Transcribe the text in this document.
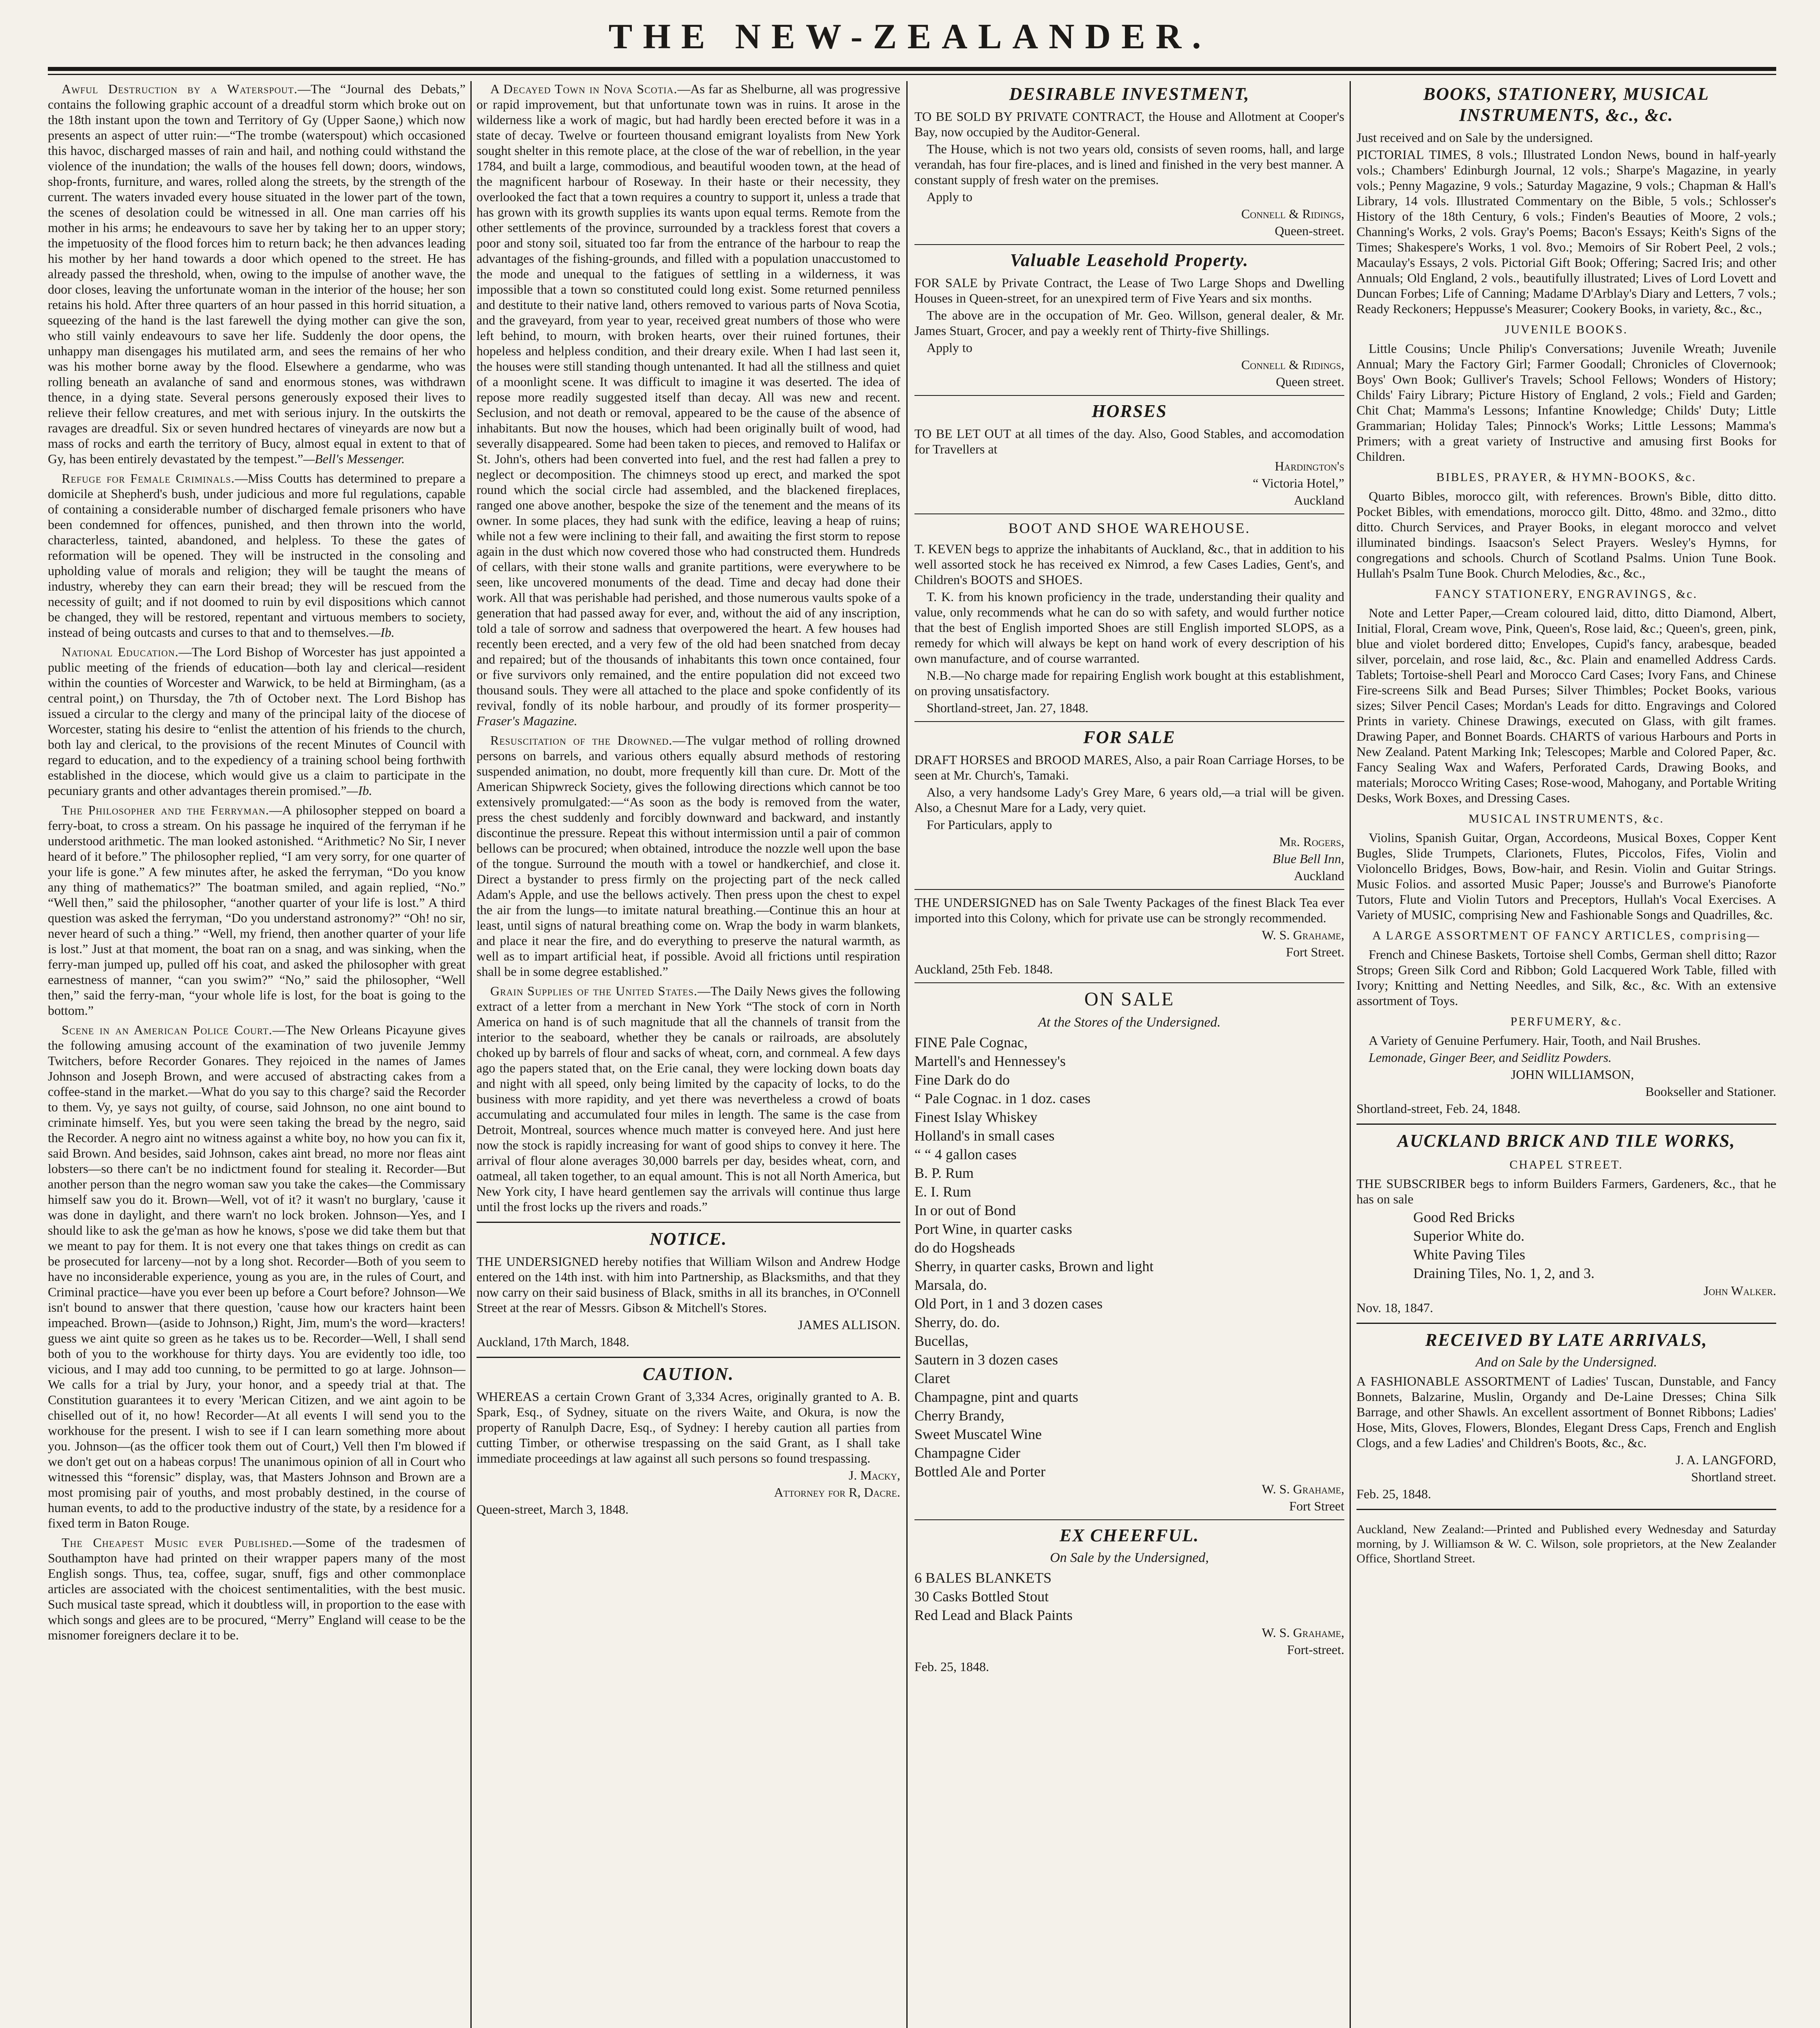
THE NEW-ZEALANDER.

Awful Destruction by a Waterspout.—The “Journal des Debats,” contains the following graphic account of a dreadful storm which broke out on the 18th instant upon the town and Territory of Gy (Upper Saone,) which now presents an aspect of utter ruin:—“The trombe (waterspout) which occasioned this havoc, discharged masses of rain and hail, and nothing could withstand the violence of the inundation; the walls of the houses fell down; doors, windows, shop-fronts, furniture, and wares, rolled along the streets, by the strength of the current. The waters invaded every house situated in the lower part of the town, the scenes of desolation could be witnessed in all. One man carries off his mother in his arms; he endeavours to save her by taking her to an upper story; the impetuosity of the flood forces him to return back; he then advances leading his mother by her hand towards a door which opened to the street. He has already passed the threshold, when, owing to the impulse of another wave, the door closes, leaving the unfortunate woman in the interior of the house; her son retains his hold. After three quarters of an hour passed in this horrid situation, a squeezing of the hand is the last farewell the dying mother can give the son, who still vainly endeavours to save her life. Suddenly the door opens, the unhappy man disengages his mutilated arm, and sees the remains of her who was his mother borne away by the flood. Elsewhere a gendarme, who was rolling beneath an avalanche of sand and enormous stones, was withdrawn thence, in a dying state. Several persons generously exposed their lives to relieve their fellow creatures, and met with serious injury. In the outskirts the ravages are dreadful. Six or seven hundred hectares of vineyards are now but a mass of rocks and earth the territory of Bucy, almost equal in extent to that of Gy, has been entirely devastated by the tempest.”—Bell's Messenger.

Refuge for Female Criminals.—Miss Coutts has determined to prepare a domicile at Shepherd's bush, under judicious and more ful regulations, capable of containing a considerable number of discharged female prisoners who have been condemned for offences, punished, and then thrown into the world, characterless, tainted, abandoned, and helpless. To these the gates of reformation will be opened. They will be instructed in the consoling and upholding value of morals and religion; they will be taught the means of industry, whereby they can earn their bread; they will be rescued from the necessity of guilt; and if not doomed to ruin by evil dispositions which cannot be changed, they will be restored, repentant and virtuous members to society, instead of being outcasts and curses to that and to themselves.—Ib.

National Education.—The Lord Bishop of Worcester has just appointed a public meeting of the friends of education—both lay and clerical—resident within the counties of Worcester and Warwick, to be held at Birmingham, (as a central point,) on Thursday, the 7th of October next. The Lord Bishop has issued a circular to the clergy and many of the principal laity of the diocese of Worcester, stating his desire to “enlist the attention of his friends to the church, both lay and clerical, to the provisions of the recent Minutes of Council with regard to education, and to the expediency of a training school being forthwith established in the diocese, which would give us a claim to participate in the pecuniary grants and other advantages therein promised.”—Ib.

The Philosopher and the Ferryman.—A philosopher stepped on board a ferry-boat, to cross a stream. On his passage he inquired of the ferryman if he understood arithmetic. The man looked astonished. “Arithmetic? No Sir, I never heard of it before.” The philosopher replied, “I am very sorry, for one quarter of your life is gone.” A few minutes after, he asked the ferryman, “Do you know any thing of mathematics?” The boatman smiled, and again replied, “No.” “Well then,” said the philosopher, “another quarter of your life is lost.” A third question was asked the ferryman, “Do you understand astronomy?” “Oh! no sir, never heard of such a thing.” “Well, my friend, then another quarter of your life is lost.” Just at that moment, the boat ran on a snag, and was sinking, when the ferry-man jumped up, pulled off his coat, and asked the philosopher with great earnestness of manner, “can you swim?” “No,” said the philosopher, “Well then,” said the ferry-man, “your whole life is lost, for the boat is going to the bottom.”

Scene in an American Police Court.—The New Orleans Picayune gives the following amusing account of the examination of two juvenile Jemmy Twitchers, before Recorder Gonares. They rejoiced in the names of James Johnson and Joseph Brown, and were accused of abstracting cakes from a coffee-stand in the market.—What do you say to this charge? said the Recorder to them. Vy, ye says not guilty, of course, said Johnson, no one aint bound to criminate himself. Yes, but you were seen taking the bread by the negro, said the Recorder. A negro aint no witness against a white boy, no how you can fix it, said Brown. And besides, said Johnson, cakes aint bread, no more nor fleas aint lobsters—so there can't be no indictment found for stealing it. Recorder—But another person than the negro woman saw you take the cakes—the Commissary himself saw you do it. Brown—Well, vot of it? it wasn't no burglary, 'cause it was done in daylight, and there warn't no lock broken. Johnson—Yes, and I should like to ask the ge'man as how he knows, s'pose we did take them but that we meant to pay for them. It is not every one that takes things on credit as can be prosecuted for larceny—not by a long shot. Recorder—Both of you seem to have no inconsiderable experience, young as you are, in the rules of Court, and Criminal practice—have you ever been up before a Court before? Johnson—We isn't bound to answer that there question, 'cause how our kracters haint been impeached. Brown—(aside to Johnson,) Right, Jim, mum's the word—kracters! guess we aint quite so green as he takes us to be. Recorder—Well, I shall send both of you to the workhouse for thirty days. You are evidently too idle, too vicious, and I may add too cunning, to be permitted to go at large. Johnson—We calls for a trial by Jury, your honor, and a speedy trial at that. The Constitution guarantees it to every 'Merican Citizen, and we aint agoin to be chiselled out of it, no how! Recorder—At all events I will send you to the workhouse for the present. I wish to see if I can learn something more about you. Johnson—(as the officer took them out of Court,) Vell then I'm blowed if we don't get out on a habeas corpus! The unanimous opinion of all in Court who witnessed this “forensic” display, was, that Masters Johnson and Brown are a most promising pair of youths, and most probably destined, in the course of human events, to add to the productive industry of the state, by a residence for a fixed term in Baton Rouge.

The Cheapest Music ever Published.—Some of the tradesmen of Southampton have had printed on their wrapper papers many of the most English songs. Thus, tea, coffee, sugar, snuff, figs and other commonplace articles are associated with the choicest sentimentalities, with the best music. Such musical taste spread, which it doubtless will, in proportion to the ease with which songs and glees are to be procured, “Merry” England will cease to be the misnomer foreigners declare it to be.

A Decayed Town in Nova Scotia.—As far as Shelburne, all was progressive or rapid improvement, but that unfortunate town was in ruins. It arose in the wilderness like a work of magic, but had hardly been erected before it was in a state of decay. Twelve or fourteen thousand emigrant loyalists from New York sought shelter in this remote place, at the close of the war of rebellion, in the year 1784, and built a large, commodious, and beautiful wooden town, at the head of the magnificent harbour of Roseway. In their haste or their necessity, they overlooked the fact that a town requires a country to support it, unless a trade that has grown with its growth supplies its wants upon equal terms. Remote from the other settlements of the province, surrounded by a trackless forest that covers a poor and stony soil, situated too far from the entrance of the harbour to reap the advantages of the fishing-grounds, and filled with a population unaccustomed to the mode and unequal to the fatigues of settling in a wilderness, it was impossible that a town so constituted could long exist. Some returned penniless and destitute to their native land, others removed to various parts of Nova Scotia, and the graveyard, from year to year, received great numbers of those who were left behind, to mourn, with broken hearts, over their ruined fortunes, their hopeless and helpless condition, and their dreary exile. When I had last seen it, the houses were still standing though untenanted. It had all the stillness and quiet of a moonlight scene. It was difficult to imagine it was deserted. The idea of repose more readily suggested itself than decay. All was new and recent. Seclusion, and not death or removal, appeared to be the cause of the absence of inhabitants. But now the houses, which had been originally built of wood, had severally disappeared. Some had been taken to pieces, and removed to Halifax or St. John's, others had been converted into fuel, and the rest had fallen a prey to neglect or decomposition. The chimneys stood up erect, and marked the spot round which the social circle had assembled, and the blackened fireplaces, ranged one above another, bespoke the size of the tenement and the means of its owner. In some places, they had sunk with the edifice, leaving a heap of ruins; while not a few were inclining to their fall, and awaiting the first storm to repose again in the dust which now covered those who had constructed them. Hundreds of cellars, with their stone walls and granite partitions, were everywhere to be seen, like uncovered monuments of the dead. Time and decay had done their work. All that was perishable had perished, and those numerous vaults spoke of a generation that had passed away for ever, and, without the aid of any inscription, told a tale of sorrow and sadness that overpowered the heart. A few houses had recently been erected, and a very few of the old had been snatched from decay and repaired; but of the thousands of inhabitants this town once contained, four or five survivors only remained, and the entire population did not exceed two thousand souls. They were all attached to the place and spoke confidently of its revival, fondly of its noble harbour, and proudly of its former prosperity—Fraser's Magazine.

Resuscitation of the Drowned.—The vulgar method of rolling drowned persons on barrels, and various others equally absurd methods of restoring suspended animation, no doubt, more frequently kill than cure. Dr. Mott of the American Shipwreck Society, gives the following directions which cannot be too extensively promulgated:—“As soon as the body is removed from the water, press the chest suddenly and forcibly downward and backward, and instantly discontinue the pressure. Repeat this without intermission until a pair of common bellows can be procured; when obtained, introduce the nozzle well upon the base of the tongue. Surround the mouth with a towel or handkerchief, and close it. Direct a bystander to press firmly on the projecting part of the neck called Adam's Apple, and use the bellows actively. Then press upon the chest to expel the air from the lungs—to imitate natural breathing.—Continue this an hour at least, until signs of natural breathing come on. Wrap the body in warm blankets, and place it near the fire, and do everything to preserve the natural warmth, as well as to impart artificial heat, if possible. Avoid all frictions until respiration shall be in some degree established.”

Grain Supplies of the United States.—The Daily News gives the following extract of a letter from a merchant in New York “The stock of corn in North America on hand is of such magnitude that all the channels of transit from the interior to the seaboard, whether they be canals or railroads, are absolutely choked up by barrels of flour and sacks of wheat, corn, and cornmeal. A few days ago the papers stated that, on the Erie canal, they were locking down boats day and night with all speed, only being limited by the capacity of locks, to do the business with more rapidity, and yet there was nevertheless a crowd of boats accumulating and accumulated four miles in length. The same is the case from Detroit, Montreal, sources whence much matter is conveyed here. And just here now the stock is rapidly increasing for want of good ships to convey it here. The arrival of flour alone averages 30,000 barrels per day, besides wheat, corn, and oatmeal, all taken together, to an equal amount. This is not all North America, but New York city, I have heard gentlemen say the arrivals will continue thus large until the frost locks up the rivers and roads.”

NOTICE.

THE UNDERSIGNED hereby notifies that William Wilson and Andrew Hodge entered on the 14th inst. with him into Partnership, as Blacksmiths, and that they now carry on their said business of Black, smiths in all its branches, in O'Connell Street at the rear of Messrs. Gibson & Mitchell's Stores.

JAMES ALLISON.

Auckland, 17th March, 1848.

CAUTION.

WHEREAS a certain Crown Grant of 3,334 Acres, originally granted to A. B. Spark, Esq., of Sydney, situate on the rivers Waite, and Okura, is now the property of Ranulph Dacre, Esq., of Sydney: I hereby caution all parties from cutting Timber, or otherwise trespassing on the said Grant, as I shall take immediate proceedings at law against all such persons so found trespassing.

J. Macky,

Attorney for R, Dacre.

Queen-street, March 3, 1848.

DESIRABLE INVESTMENT,

TO BE SOLD BY PRIVATE CONTRACT, the House and Allotment at Cooper's Bay, now occupied by the Auditor-General.

The House, which is not two years old, consists of seven rooms, hall, and large verandah, has four fire-places, and is lined and finished in the very best manner. A constant supply of fresh water on the premises.

Apply to

Connell & Ridings,

Queen-street.

Valuable Leasehold Property.

FOR SALE by Private Contract, the Lease of Two Large Shops and Dwelling Houses in Queen-street, for an unexpired term of Five Years and six months.

The above are in the occupation of Mr. Geo. Willson, general dealer, & Mr. James Stuart, Grocer, and pay a weekly rent of Thirty-five Shillings.

Apply to

Connell & Ridings,

Queen street.

HORSES

TO BE LET OUT at all times of the day. Also, Good Stables, and accomodation for Travellers at

Hardington's

“ Victoria Hotel,”

Auckland

BOOT AND SHOE WAREHOUSE.

T. KEVEN begs to apprize the inhabitants of Auckland, &c., that in addition to his well assorted stock he has received ex Nimrod, a few Cases Ladies, Gent's, and Children's BOOTS and SHOES.

T. K. from his known proficiency in the trade, understanding their quality and value, only recommends what he can do so with safety, and would further notice that the best of English imported Shoes are still English imported SLOPS, as a remedy for which will always be kept on hand work of every description of his own manufacture, and of course warranted.

N.B.—No charge made for repairing English work bought at this establishment, on proving unsatisfactory.

Shortland-street, Jan. 27, 1848.

FOR SALE

DRAFT HORSES and BROOD MARES, Also, a pair Roan Carriage Horses, to be seen at Mr. Church's, Tamaki.

Also, a very handsome Lady's Grey Mare, 6 years old,—a trial will be given. Also, a Chesnut Mare for a Lady, very quiet.

For Particulars, apply to

Mr. Rogers,

Blue Bell Inn,

Auckland

THE UNDERSIGNED has on Sale Twenty Packages of the finest Black Tea ever imported into this Colony, which for private use can be strongly recommended.

W. S. Grahame,

Fort Street.

Auckland, 25th Feb. 1848.

ON SALE
At the Stores of the Undersigned.
FINE Pale Cognac,
Martell's and Hennessey's
Fine Dark do do
“ Pale Cognac. in 1 doz. cases
Finest Islay Whiskey
Holland's in small cases
“ “ 4 gallon cases
B. P. Rum
E. I. Rum
In or out of Bond
Port Wine, in quarter casks
do do Hogsheads
Sherry, in quarter casks, Brown and light
Marsala, do.
Old Port, in 1 and 3 dozen cases
Sherry, do. do.
Bucellas,
Sautern in 3 dozen cases
Claret
Champagne, pint and quarts
Cherry Brandy,
Sweet Muscatel Wine
Champagne Cider
Bottled Ale and Porter

W. S. Grahame,

Fort Street

EX CHEERFUL.
On Sale by the Undersigned,
6 BALES BLANKETS
30 Casks Bottled Stout
Red Lead and Black Paints

W. S. Grahame,

Fort-street.

Feb. 25, 1848.

BOOKS, STATIONERY, MUSICAL INSTRUMENTS, &c., &c.

Just received and on Sale by the undersigned.

PICTORIAL TIMES, 8 vols.; Illustrated London News, bound in half-yearly vols.; Chambers' Edinburgh Journal, 12 vols.; Sharpe's Magazine, in yearly vols.; Penny Magazine, 9 vols.; Saturday Magazine, 9 vols.; Chapman & Hall's Library, 14 vols. Illustrated Commentary on the Bible, 5 vols.; Schlosser's History of the 18th Century, 6 vols.; Finden's Beauties of Moore, 2 vols.; Channing's Works, 2 vols. Gray's Poems; Bacon's Essays; Keith's Signs of the Times; Shakespere's Works, 1 vol. 8vo.; Memoirs of Sir Robert Peel, 2 vols.; Macaulay's Essays, 2 vols. Pictorial Gift Book; Offering; Sacred Iris; and other Annuals; Old England, 2 vols., beautifully illustrated; Lives of Lord Lovett and Duncan Forbes; Life of Canning; Madame D'Arblay's Diary and Letters, 7 vols.; Ready Reckoners; Heppusse's Measurer; Cookery Books, in variety, &c., &c.,

JUVENILE BOOKS.

Little Cousins; Uncle Philip's Conversations; Juvenile Wreath; Juvenile Annual; Mary the Factory Girl; Farmer Goodall; Chronicles of Clovernook; Boys' Own Book; Gulliver's Travels; School Fellows; Wonders of History; Childs' Fairy Library; Picture History of England, 2 vols.; Field and Garden; Chit Chat; Mamma's Lessons; Infantine Knowledge; Childs' Duty; Little Grammarian; Holiday Tales; Pinnock's Works; Little Lessons; Mamma's Primers; with a great variety of Instructive and amusing first Books for Children.

BIBLES, PRAYER, & HYMN-BOOKS, &c.

Quarto Bibles, morocco gilt, with references. Brown's Bible, ditto ditto. Pocket Bibles, with emendations, morocco gilt. Ditto, 48mo. and 32mo., ditto ditto. Church Services, and Prayer Books, in elegant morocco and velvet illuminated bindings. Isaacson's Select Prayers. Wesley's Hymns, for congregations and schools. Church of Scotland Psalms. Union Tune Book. Hullah's Psalm Tune Book. Church Melodies, &c., &c.,

FANCY STATIONERY, ENGRAVINGS, &c.

Note and Letter Paper,—Cream coloured laid, ditto, ditto Diamond, Albert, Initial, Floral, Cream wove, Pink, Queen's, Rose laid, &c.; Queen's, green, pink, blue and violet bordered ditto; Envelopes, Cupid's fancy, arabesque, beaded silver, porcelain, and rose laid, &c., &c. Plain and enamelled Address Cards. Tablets; Tortoise-shell Pearl and Morocco Card Cases; Ivory Fans, and Chinese Fire-screens Silk and Bead Purses; Silver Thimbles; Pocket Books, various sizes; Silver Pencil Cases; Mordan's Leads for ditto. Engravings and Colored Prints in variety. Chinese Drawings, executed on Glass, with gilt frames. Drawing Paper, and Bonnet Boards. CHARTS of various Harbours and Ports in New Zealand. Patent Marking Ink; Telescopes; Marble and Colored Paper, &c. Fancy Sealing Wax and Wafers, Perforated Cards, Drawing Books, and materials; Morocco Writing Cases; Rose-wood, Mahogany, and Portable Writing Desks, Work Boxes, and Dressing Cases.

MUSICAL INSTRUMENTS, &c.

Violins, Spanish Guitar, Organ, Accordeons, Musical Boxes, Copper Kent Bugles, Slide Trumpets, Clarionets, Flutes, Piccolos, Fifes, Violin and Violoncello Bridges, Bows, Bow-hair, and Resin. Violin and Guitar Strings. Music Folios. and assorted Music Paper; Jousse's and Burrowe's Pianoforte Tutors, Flute and Violin Tutors and Preceptors, Hullah's Vocal Exercises. A Variety of MUSIC, comprising New and Fashionable Songs and Quadrilles, &c.

A LARGE ASSORTMENT OF FANCY ARTICLES, comprising—

French and Chinese Baskets, Tortoise shell Combs, German shell ditto; Razor Strops; Green Silk Cord and Ribbon; Gold Lacquered Work Table, filled with Ivory; Knitting and Netting Needles, and Silk, &c., &c. With an extensive assortment of Toys.

PERFUMERY, &c.

A Variety of Genuine Perfumery. Hair, Tooth, and Nail Brushes.

Lemonade, Ginger Beer, and Seidlitz Powders.

JOHN WILLIAMSON,

Bookseller and Stationer.

Shortland-street, Feb. 24, 1848.

AUCKLAND BRICK AND TILE WORKS,
CHAPEL STREET.

THE SUBSCRIBER begs to inform Builders Farmers, Gardeners, &c., that he has on sale

Good Red Bricks
Superior White do.
White Paving Tiles
Draining Tiles, No. 1, 2, and 3.

John Walker.

Nov. 18, 1847.

RECEIVED BY LATE ARRIVALS,
And on Sale by the Undersigned.

A FASHIONABLE ASSORTMENT of Ladies' Tuscan, Dunstable, and Fancy Bonnets, Balzarine, Muslin, Organdy and De-Laine Dresses; China Silk Barrage, and other Shawls. An excellent assortment of Bonnet Ribbons; Ladies' Hose, Mits, Gloves, Flowers, Blondes, Elegant Dress Caps, French and English Clogs, and a few Ladies' and Children's Boots, &c., &c.

J. A. LANGFORD,

Shortland street.

Feb. 25, 1848.

Auckland, New Zealand:—Printed and Published every Wednesday and Saturday morning, by J. Williamson & W. C. Wilson, sole proprietors, at the New Zealander Office, Shortland Street.
